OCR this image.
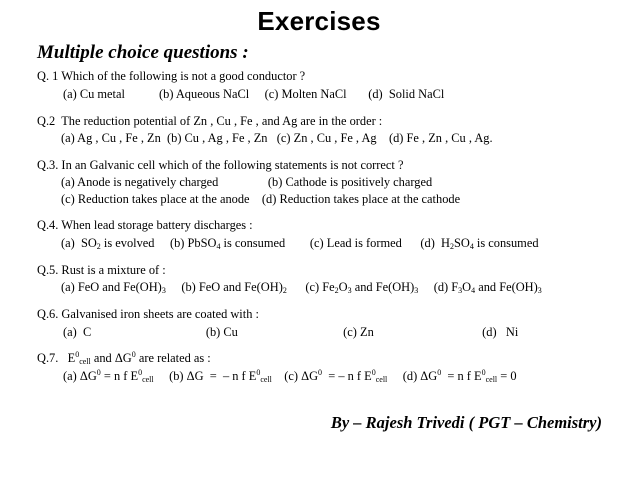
Exercises
Multiple choice questions :
Q. 1 Which of the following is not a good conductor ?
(a) Cu metal           (b) Aqueous NaCl     (c) Molten NaCl       (d)  Solid NaCl
Q.2  The reduction potential of Zn , Cu , Fe , and Ag are in the order :
(a) Ag , Cu , Fe , Zn  (b) Cu , Ag , Fe , Zn   (c) Zn , Cu , Fe , Ag    (d) Fe , Zn , Cu , Ag.
Q.3. In an Galvanic cell which of the following statements is not correct ?
(a) Anode is negatively charged                (b) Cathode is positively charged
(c) Reduction takes place at the anode    (d) Reduction takes place at the cathode
Q.4. When lead storage battery discharges :
(a)  $SO_2$ is evolved     (b) PbSO$_4$ is consumed        (c) Lead is formed      (d)  $H_2SO_4$ is consumed
Q.5. Rust is a mixture of :
(a) FeO and $Fe(OH)_3$     (b) FeO and $Fe(OH)_2$      (c) $Fe_2O_3$ and $Fe(OH)_3$     (d) $F_3O_4$ and $Fe(OH)_3$
Q.6. Galvanised iron sheets are coated with :
(a)  C                                     (b) Cu                                  (c) Zn                                   (d)   Ni
Q.7.   $E^0_{cell}$ and $\Delta G^0$ are related as :
(a) $\Delta G^0 = n$ f $E^0_{cell}$     (b) ΔG  =  – n f $E^0_{cell}$    (c) $\Delta G^0$  = – n f $E^0_{cell}$     (d) $\Delta G^0 = n$ f $E^0_{cell} = 0$
By – Rajesh Trivedi ( PGT – Chemistry)
